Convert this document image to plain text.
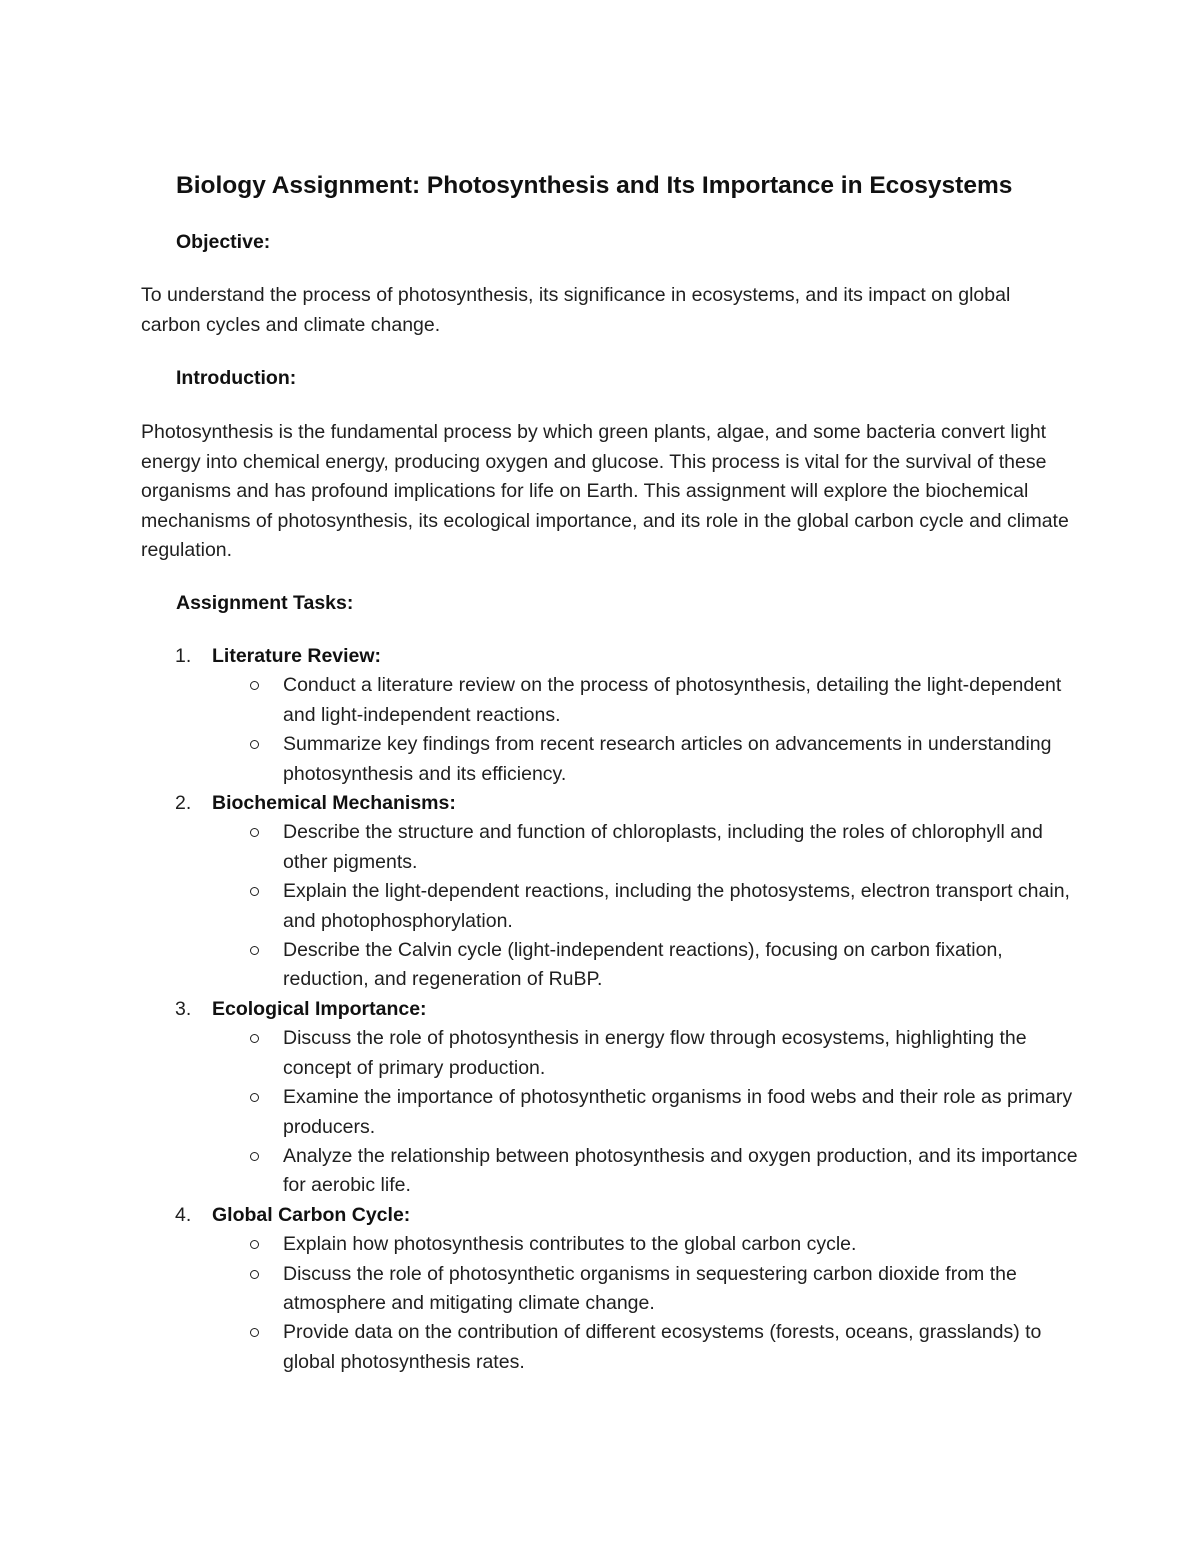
Biology Assignment: Photosynthesis and Its Importance in Ecosystems
Objective:

To understand the process of photosynthesis, its significance in ecosystems, and its impact on global carbon cycles and climate change.

Introduction:

Photosynthesis is the fundamental process by which green plants, algae, and some bacteria convert light energy into chemical energy, producing oxygen and glucose. This process is vital for the survival of these organisms and has profound implications for life on Earth. This assignment will explore the biochemical mechanisms of photosynthesis, its ecological importance, and its role in the global carbon cycle and climate regulation.

Assignment Tasks:
1. Literature Review:
Conduct a literature review on the process of photosynthesis, detailing the light-dependent and light-independent reactions.
Summarize key findings from recent research articles on advancements in understanding photosynthesis and its efficiency.
2. Biochemical Mechanisms:
Describe the structure and function of chloroplasts, including the roles of chlorophyll and other pigments.
Explain the light-dependent reactions, including the photosystems, electron transport chain, and photophosphorylation.
Describe the Calvin cycle (light-independent reactions), focusing on carbon fixation, reduction, and regeneration of RuBP.
3. Ecological Importance:
Discuss the role of photosynthesis in energy flow through ecosystems, highlighting the concept of primary production.
Examine the importance of photosynthetic organisms in food webs and their role as primary producers.
Analyze the relationship between photosynthesis and oxygen production, and its importance for aerobic life.
4. Global Carbon Cycle:
Explain how photosynthesis contributes to the global carbon cycle.
Discuss the role of photosynthetic organisms in sequestering carbon dioxide from the atmosphere and mitigating climate change.
Provide data on the contribution of different ecosystems (forests, oceans, grasslands) to global photosynthesis rates.
